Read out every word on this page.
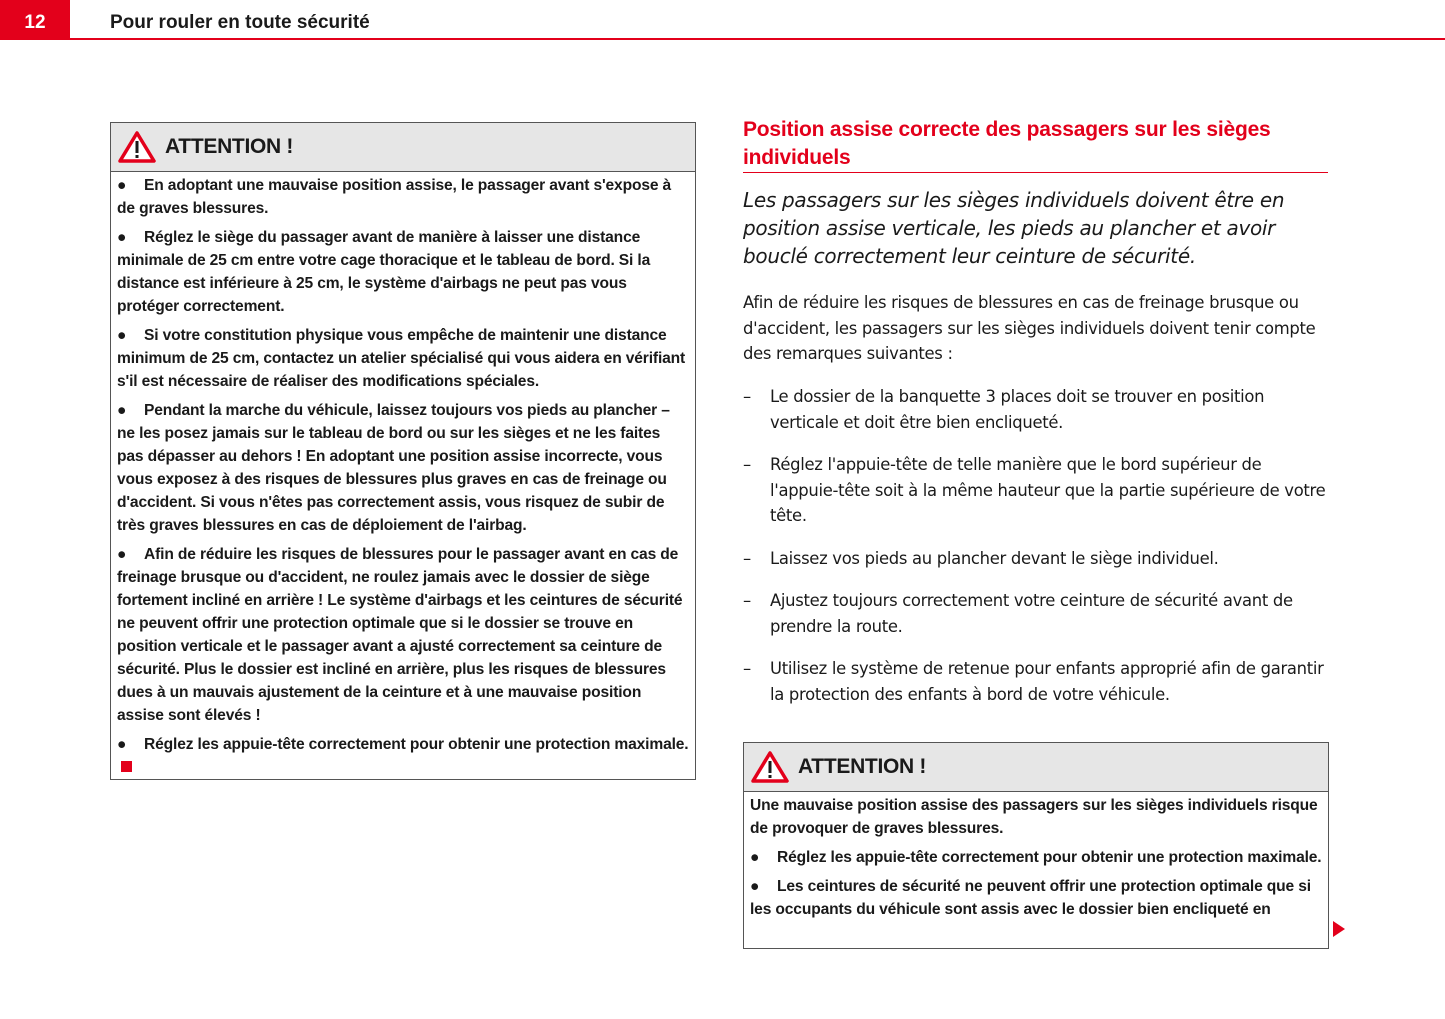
12	Pour rouler en toute sécurité
ATTENTION !

● En adoptant une mauvaise position assise, le passager avant s'expose à de graves blessures.

● Réglez le siège du passager avant de manière à laisser une distance minimale de 25 cm entre votre cage thoracique et le tableau de bord. Si la distance est inférieure à 25 cm, le système d'airbags ne peut pas vous protéger correctement.

● Si votre constitution physique vous empêche de maintenir une distance minimum de 25 cm, contactez un atelier spécialisé qui vous aidera en vérifiant s'il est nécessaire de réaliser des modifications spéciales.

● Pendant la marche du véhicule, laissez toujours vos pieds au plancher – ne les posez jamais sur le tableau de bord ou sur les sièges et ne les faites pas dépasser au dehors ! En adoptant une position assise incorrecte, vous vous exposez à des risques de blessures plus graves en cas de freinage ou d'accident. Si vous n'êtes pas correctement assis, vous risquez de subir de très graves blessures en cas de déploiement de l'airbag.

● Afin de réduire les risques de blessures pour le passager avant en cas de freinage brusque ou d'accident, ne roulez jamais avec le dossier de siège fortement incliné en arrière ! Le système d'airbags et les ceintures de sécurité ne peuvent offrir une protection optimale que si le dossier se trouve en position verticale et le passager avant a ajusté correctement sa ceinture de sécurité. Plus le dossier est incliné en arrière, plus les risques de blessures dues à un mauvais ajustement de la ceinture et à une mauvaise position assise sont élevés !

● Réglez les appuie-tête correctement pour obtenir une protection maximale.

Position assise correcte des passagers sur les sièges individuels
Les passagers sur les sièges individuels doivent être en position assise verticale, les pieds au plancher et avoir bouclé correctement leur ceinture de sécurité.
Afin de réduire les risques de blessures en cas de freinage brusque ou d'accident, les passagers sur les sièges individuels doivent tenir compte des remarques suivantes :
– Le dossier de la banquette 3 places doit se trouver en position verticale et doit être bien encliqueté.
– Réglez l'appuie-tête de telle manière que le bord supérieur de l'appuie-tête soit à la même hauteur que la partie supérieure de votre tête.
– Laissez vos pieds au plancher devant le siège individuel.
– Ajustez toujours correctement votre ceinture de sécurité avant de prendre la route.
– Utilisez le système de retenue pour enfants approprié afin de garantir la protection des enfants à bord de votre véhicule.
ATTENTION !

Une mauvaise position assise des passagers sur les sièges individuels risque de provoquer de graves blessures.

● Réglez les appuie-tête correctement pour obtenir une protection maximale.

● Les ceintures de sécurité ne peuvent offrir une protection optimale que si les occupants du véhicule sont assis avec le dossier bien encliqueté en
